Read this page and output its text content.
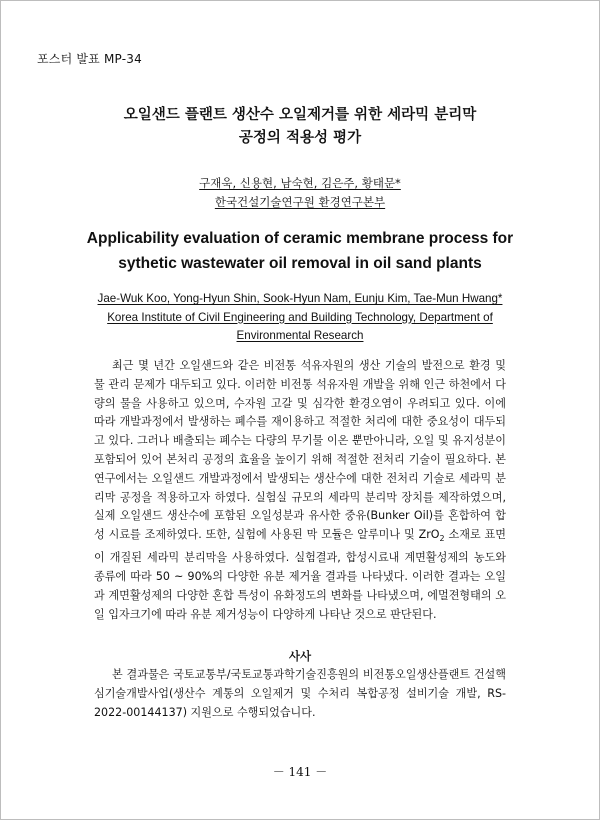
포스터 발표 MP-34
오일샌드 플랜트 생산수 오일제거를 위한 세라믹 분리막
공정의 적용성 평가
구재욱, 신용현, 남숙현, 김은주, 황태문*
한국건설기술연구원 환경연구본부
Applicability evaluation of ceramic membrane process for
sythetic wastewater oil removal in oil sand plants
Jae-Wuk Koo, Yong-Hyun Shin, Sook-Hyun Nam, Eunju Kim, Tae-Mun Hwang*
Korea Institute of Civil Engineering and Building Technology, Department of
Environmental Research

최근 몇 년간 오일샌드와 같은 비전통 석유자원의 생산 기술의 발전으로 환경 및 물 관리 문제가 대두되고 있다. 이러한 비전통 석유자원 개발을 위해 인근 하천에서 다량의 물을 사용하고 있으며, 수자원 고갈 및 심각한 환경오염이 우려되고 있다. 이에 따라 개발과정에서 발생하는 폐수를 재이용하고 적절한 처리에 대한 중요성이 대두되고 있다. 그러나 배출되는 폐수는 다량의 무기물 이온 뿐만아니라, 오일 및 유지성분이 포함되어 있어 본처리 공정의 효율을 높이기 위해 적절한 전처리 기술이 필요하다. 본 연구에서는 오일샌드 개발과정에서 발생되는 생산수에 대한 전처리 기술로 세라믹 분리막 공정을 적용하고자 하였다. 실험실 규모의 세라믹 분리막 장치를 제작하였으며, 실제 오일샌드 생산수에 포함된 오일성분과 유사한 중유(Bunker Oil)를 혼합하여 합성 시료를 조제하였다. 또한, 실험에 사용된 막 모듈은 알루미나 및 ZrO$_2$ 소재로 표면이 개질된 세라믹 분리막을 사용하였다. 실험결과, 합성시료내 계면활성제의 농도와 종류에 따라 50 ~ 90%의 다양한 유분 제거율 결과를 나타냈다. 이러한 결과는 오일과 계면활성제의 다양한 혼합 특성이 유화정도의 변화를 나타냈으며, 에멀젼형태의 오일 입자크기에 따라 유분 제거성능이 다양하게 나타난 것으로 판단된다.

사사

본 결과물은 국토교통부/국토교통과학기술진흥원의 비전통오일생산플랜트 건설핵심기술개발사업(생산수 계통의 오일제거 및 수처리 복합공정 설비기술 개발, RS-2022-00144137) 지원으로 수행되었습니다.

－ 141 －
